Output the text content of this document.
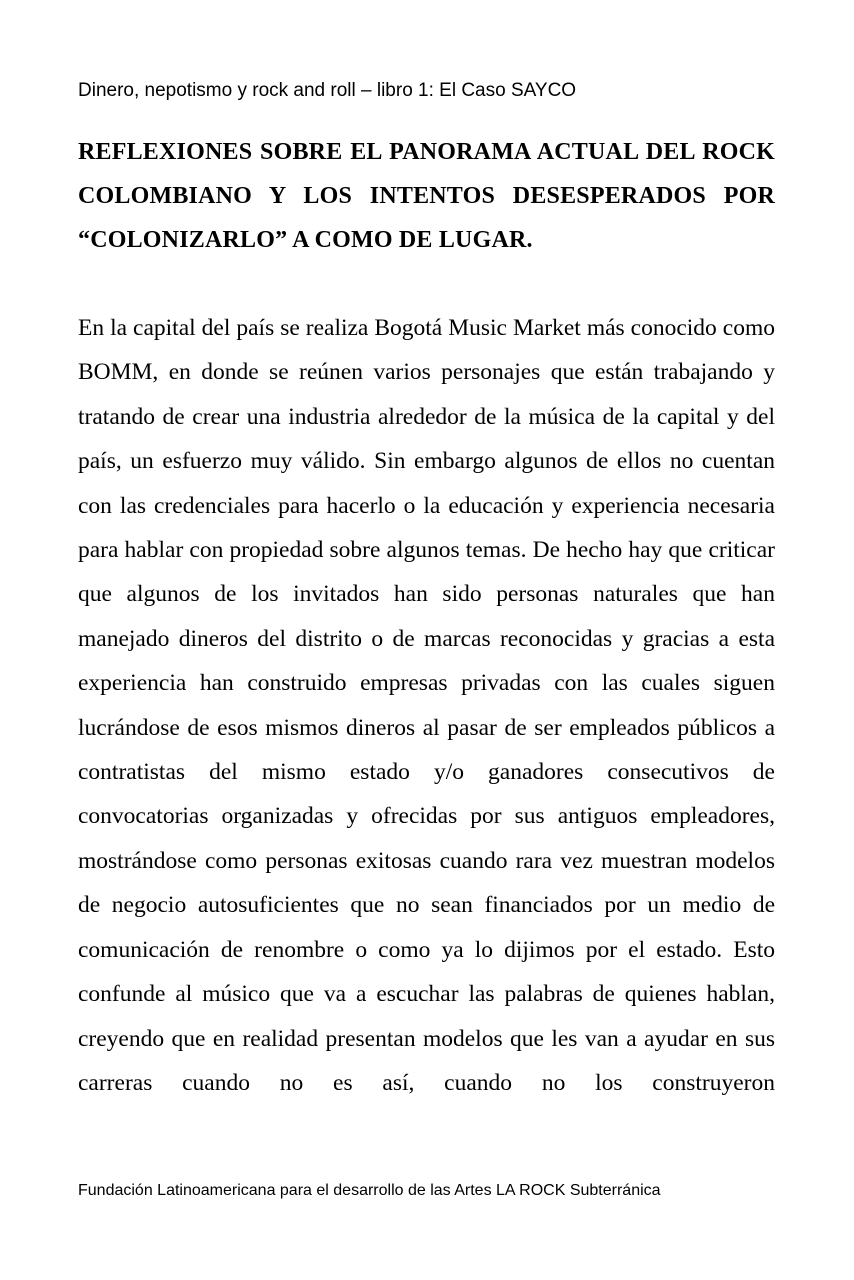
Dinero, nepotismo y rock and roll – libro 1: El Caso SAYCO

REFLEXIONES SOBRE EL PANORAMA ACTUAL DEL ROCK COLOMBIANO Y LOS INTENTOS DESESPERADOS POR “COLONIZARLO” A COMO DE LUGAR.

En la capital del país se realiza Bogotá Music Market más conocido como BOMM, en donde se reúnen varios personajes que están trabajando y tratando de crear una industria alrededor de la música de la capital y del país, un esfuerzo muy válido. Sin embargo algunos de ellos no cuentan con las credenciales para hacerlo o la educación y experiencia necesaria para hablar con propiedad sobre algunos temas. De hecho hay que criticar que algunos de los invitados han sido personas naturales que han manejado dineros del distrito o de marcas reconocidas y gracias a esta experiencia han construido empresas privadas con las cuales siguen lucrándose de esos mismos dineros al pasar de ser empleados públicos a contratistas del mismo estado y/o ganadores consecutivos de convocatorias organizadas y ofrecidas por sus antiguos empleadores, mostrándose como personas exitosas cuando rara vez muestran modelos de negocio autosuficientes que no sean financiados por un medio de comunicación de renombre o como ya lo dijimos por el estado. Esto confunde al músico que va a escuchar las palabras de quienes hablan, creyendo que en realidad presentan modelos que les van a ayudar en sus carreras cuando no es así, cuando no los construyeron

Fundación Latinoamericana para el desarrollo de las Artes LA ROCK Subterránica
